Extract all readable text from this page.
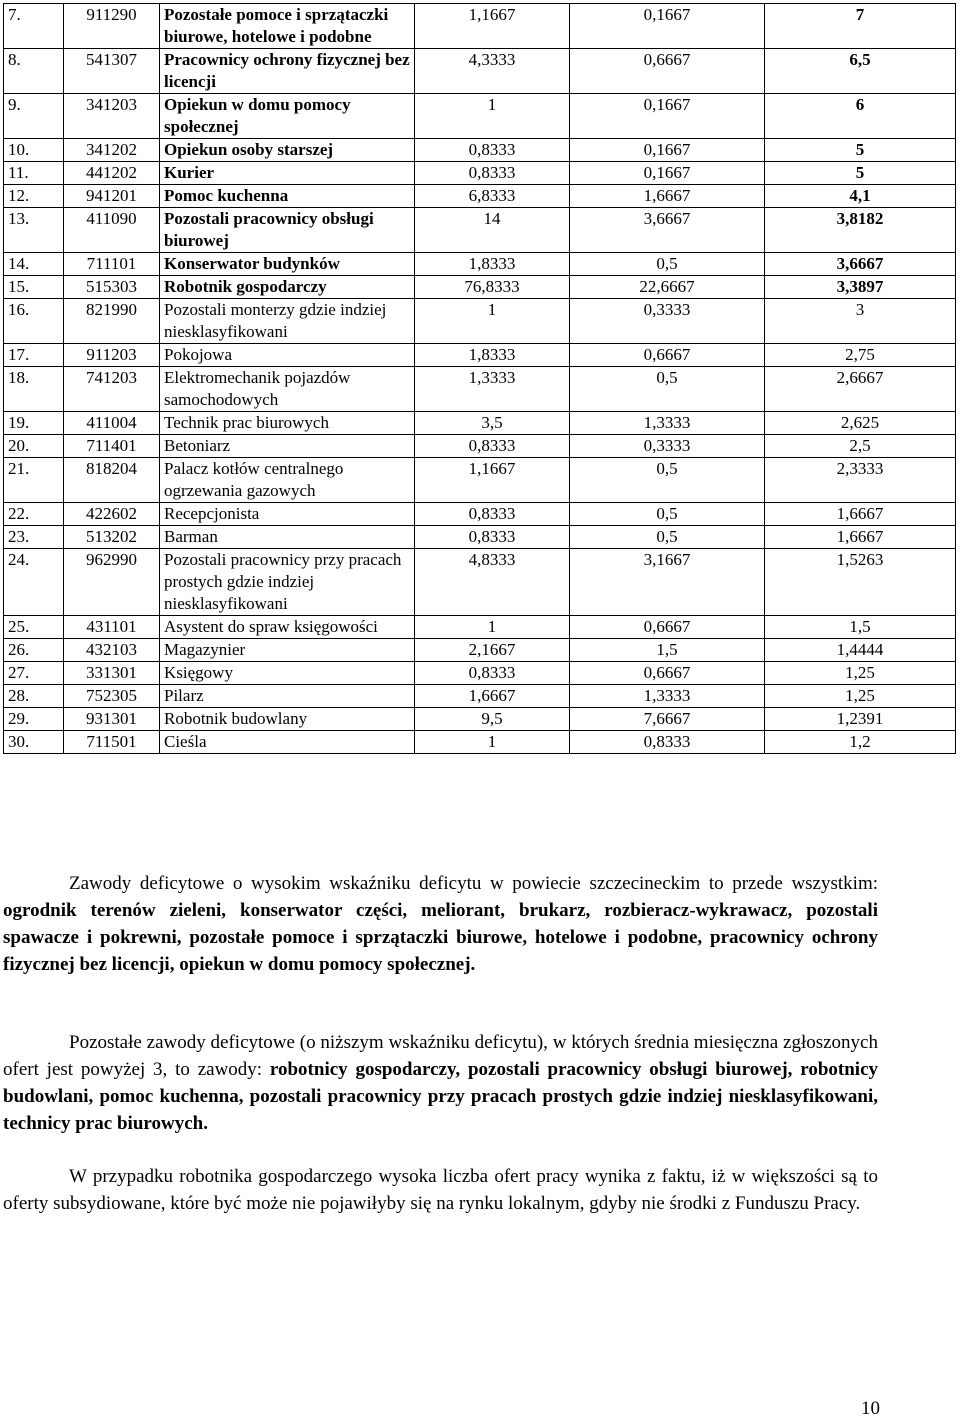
7.	911290	Pozostałe pomoce i sprzątaczki biurowe, hotelowe i podobne	1,1667	0,1667	7
8.	541307	Pracownicy ochrony fizycznej bez licencji	4,3333	0,6667	6,5
9.	341203	Opiekun w domu pomocy społecznej	1	0,1667	6
10.	341202	Opiekun osoby starszej	0,8333	0,1667	5
11.	441202	Kurier	0,8333	0,1667	5
12.	941201	Pomoc kuchenna	6,8333	1,6667	4,1
13.	411090	Pozostali pracownicy obsługi biurowej	14	3,6667	3,8182
14.	711101	Konserwator budynków	1,8333	0,5	3,6667
15.	515303	Robotnik gospodarczy	76,8333	22,6667	3,3897
16.	821990	Pozostali monterzy gdzie indziej niesklasyfikowani	1	0,3333	3
17.	911203	Pokojowa	1,8333	0,6667	2,75
18.	741203	Elektromechanik pojazdów samochodowych	1,3333	0,5	2,6667
19.	411004	Technik prac biurowych	3,5	1,3333	2,625
20.	711401	Betoniarz	0,8333	0,3333	2,5
21.	818204	Palacz kotłów centralnego ogrzewania gazowych	1,1667	0,5	2,3333
22.	422602	Recepcjonista	0,8333	0,5	1,6667
23.	513202	Barman	0,8333	0,5	1,6667
24.	962990	Pozostali pracownicy przy pracach prostych gdzie indziej niesklasyfikowani	4,8333	3,1667	1,5263
25.	431101	Asystent do spraw księgowości	1	0,6667	1,5
26.	432103	Magazynier	2,1667	1,5	1,4444
27.	331301	Księgowy	0,8333	0,6667	1,25
28.	752305	Pilarz	1,6667	1,3333	1,25
29.	931301	Robotnik budowlany	9,5	7,6667	1,2391
30.	711501	Cieśla	1	0,8333	1,2

Zawody deficytowe o wysokim wskaźniku deficytu w powiecie szczecineckim to przede wszystkim: ogrodnik terenów zieleni, konserwator części, meliorant, brukarz, rozbieracz-wykrawacz, pozostali spawacze i pokrewni, pozostałe pomoce i sprzątaczki biurowe, hotelowe i podobne, pracownicy ochrony fizycznej bez licencji, opiekun w domu pomocy społecznej.

Pozostałe zawody deficytowe (o niższym wskaźniku deficytu), w których średnia miesięczna zgłoszonych ofert jest powyżej 3, to zawody: robotnicy gospodarczy, pozostali pracownicy obsługi biurowej, robotnicy budowlani, pomoc kuchenna, pozostali pracownicy przy pracach prostych gdzie indziej niesklasyfikowani, technicy prac biurowych.

W przypadku robotnika gospodarczego wysoka liczba ofert pracy wynika z faktu, iż w większości są to oferty subsydiowane, które być może nie pojawiłyby się na rynku lokalnym, gdyby nie środki z Funduszu Pracy.

10
